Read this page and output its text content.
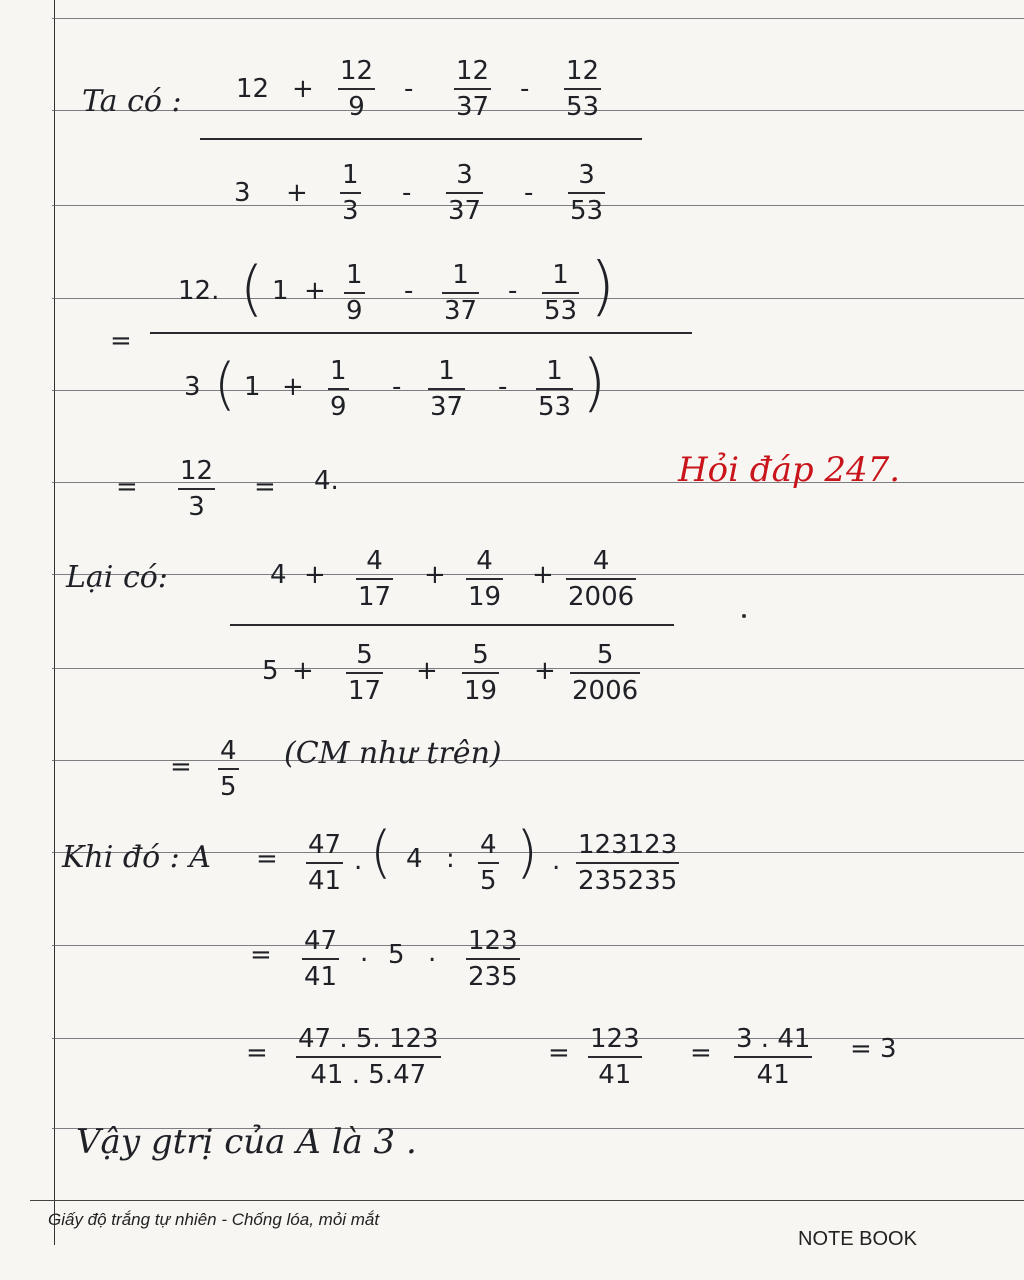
Ta có : 12 +
12
9
-
12
37
-
12
53
3 +
1
3
-
3
37
-
3
53
=
12. ( 1 +
1
9
-
1
37
-
1
53 )
3 ( 1 +
1
9
-
1
37
-
1
53 )
=
12
3
= 4.	Hỏi đáp 247.
Lại có:	4 + 4
17
+ 4
19
+ 4
2006
5 +
5
17
+
5
19
+
5
2006
=
4
5
(CM như trên)
Khi đó : A = 47
41
. ( 4 : 4
5 ) .
123123
235235
= 47
41
. 5 . 123
235
= 47 . 5. 123
41 . 5.47
= 123
41
= 3 . 41
41
= 3
Vậy gtrị của A là 3 .
Giấy độ trắng tự nhiên - Chống lóa, mỏi mắt
NOTE BOOK
